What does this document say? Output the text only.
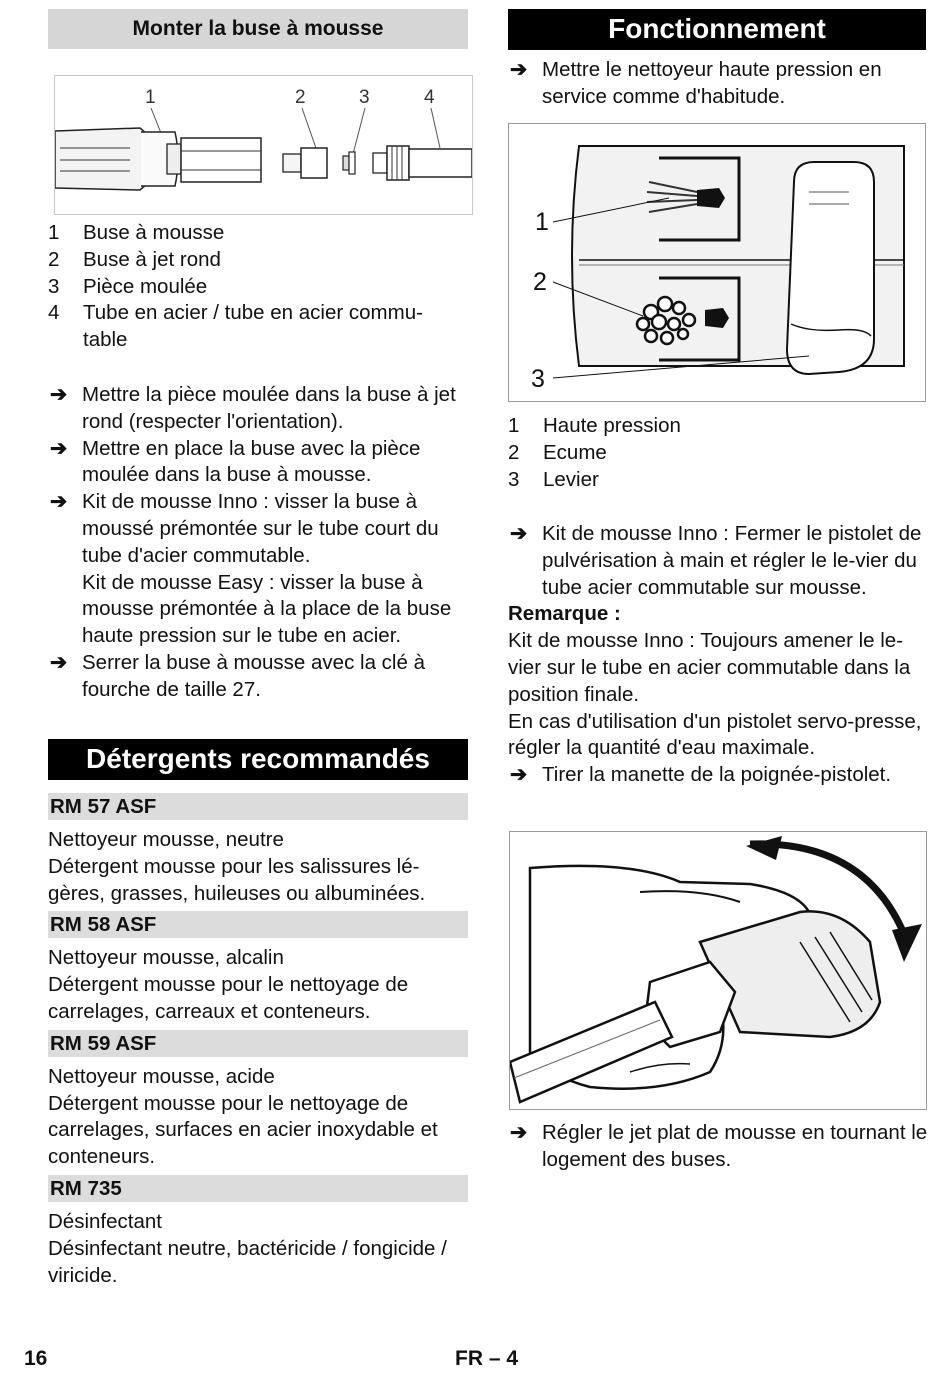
Monter la buse à mousse
1	2	3	4
1 Buse à mousse
2 Buse à jet rond
3 Pièce moulée
4 Tube en acier / tube en acier commu-table
➔ Mettre la pièce moulée dans la buse à jet rond (respecter l'orientation).
➔ Mettre en place la buse avec la pièce moulée dans la buse à mousse.
➔ Kit de mousse Inno : visser la buse à moussé prémontée sur le tube court du tube d'acier commutable.
Kit de mousse Easy : visser la buse à mousse prémontée à la place de la buse haute pression sur le tube en acier.
➔ Serrer la buse à mousse avec la clé à fourche de taille 27.
Détergents recommandés
RM 57 ASF
Nettoyeur mousse, neutre
Détergent mousse pour les salissures lé-gères, grasses, huileuses ou albuminées.
RM 58 ASF
Nettoyeur mousse, alcalin
Détergent mousse pour le nettoyage de carrelages, carreaux et conteneurs.
RM 59 ASF
Nettoyeur mousse, acide
Détergent mousse pour le nettoyage de carrelages, surfaces en acier inoxydable et conteneurs.
RM 735
Désinfectant
Désinfectant neutre, bactéricide / fongicide / viricide.
Fonctionnement
➔ Mettre le nettoyeur haute pression en service comme d'habitude.
1
2
3
1 Haute pression
2 Ecume
3 Levier
➔ Kit de mousse Inno : Fermer le pistolet de pulvérisation à main et régler le le-vier du tube acier commutable sur mousse.
Remarque :
Kit de mousse Inno : Toujours amener le le-vier sur le tube en acier commutable dans la position finale.
En cas d'utilisation d'un pistolet servo-presse, régler la quantité d'eau maximale.
➔ Tirer la manette de la poignée-pistolet.
➔ Régler le jet plat de mousse en tournant le logement des buses.
16	FR – 4
